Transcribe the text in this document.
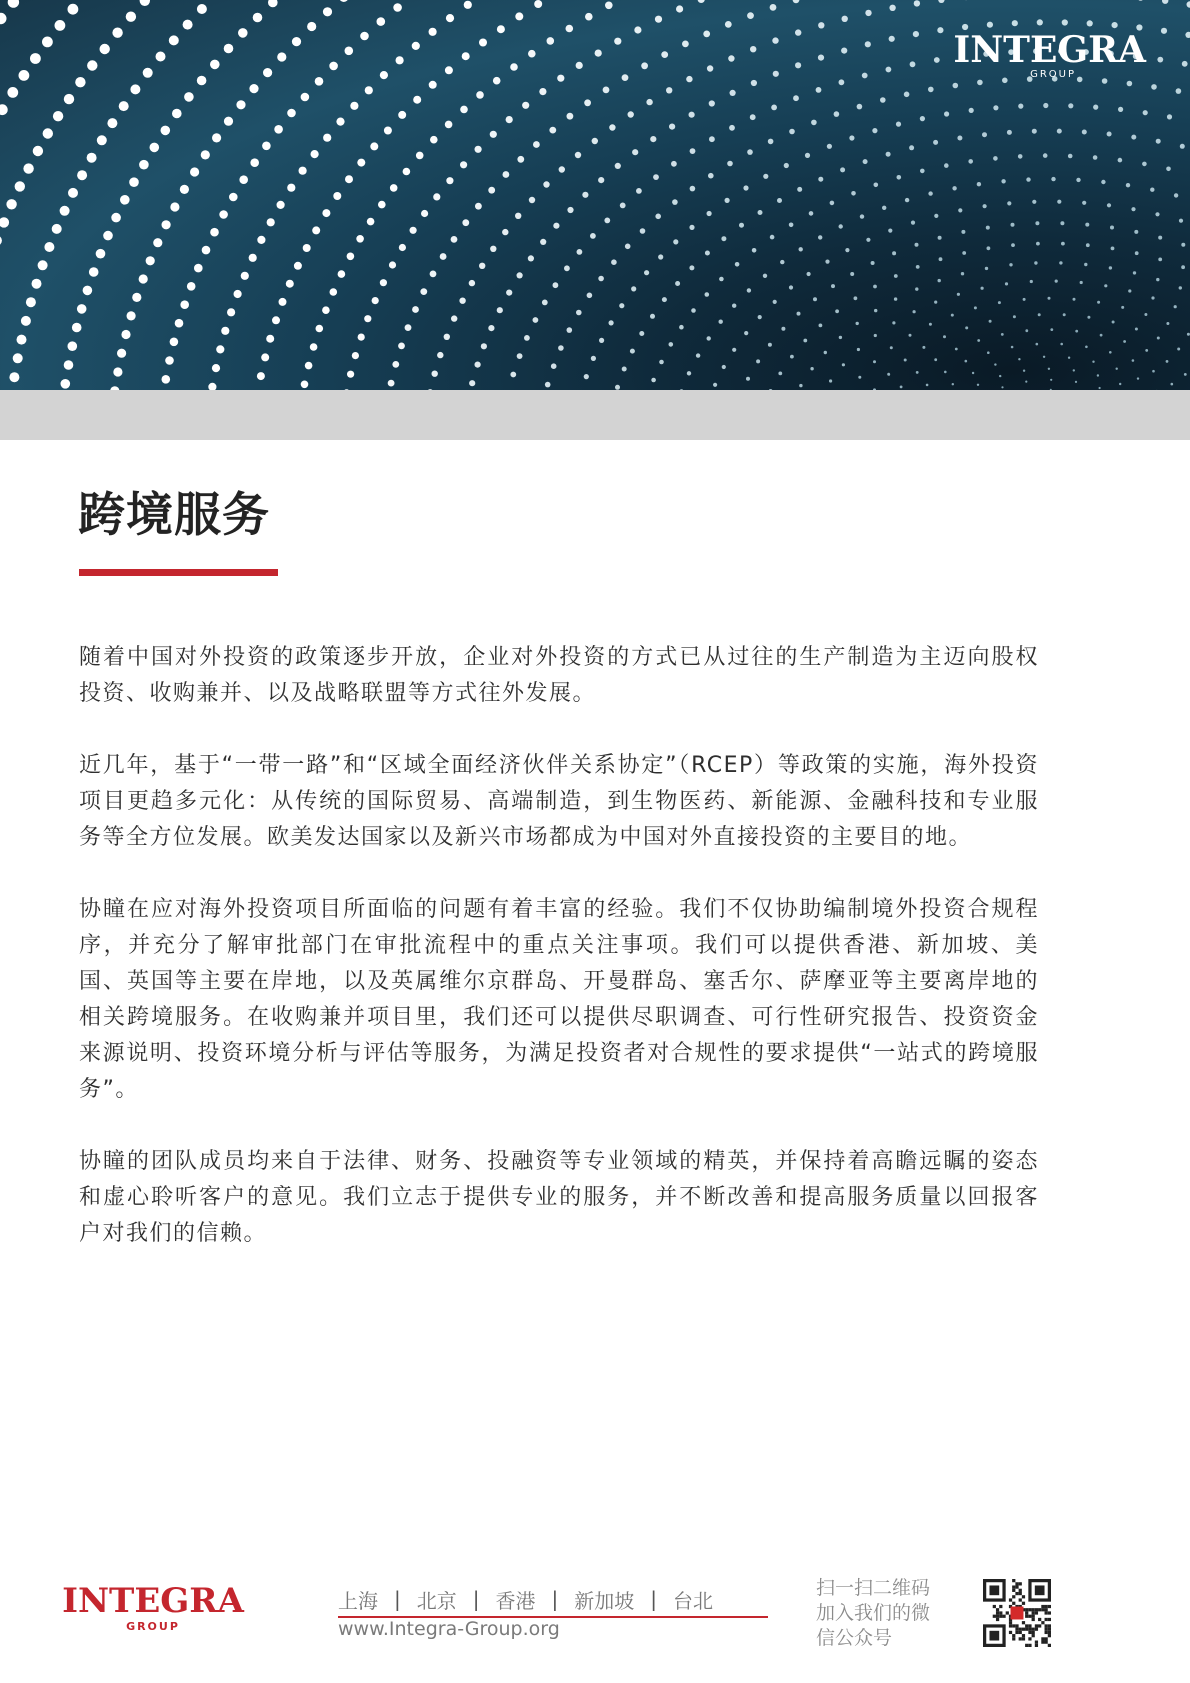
INTEGRA
GROUP
跨境服务

随着中国对外投资的政策逐步开放，企业对外投资的方式已从过往的生产制造为主迈向股权投资、收购兼并、以及战略联盟等方式往外发展。

近几年，基于“一带一路”和“区域全面经济伙伴关系协定”（RCEP）等政策的实施，海外投资项目更趋多元化：从传统的国际贸易、高端制造，到生物医药、新能源、金融科技和专业服务等全方位发展。欧美发达国家以及新兴市场都成为中国对外直接投资的主要目的地。

协瞳在应对海外投资项目所面临的问题有着丰富的经验。我们不仅协助编制境外投资合规程序，并充分了解审批部门在审批流程中的重点关注事项。我们可以提供香港、新加坡、美国、英国等主要在岸地，以及英属维尔京群岛、开曼群岛、塞舌尔、萨摩亚等主要离岸地的相关跨境服务。在收购兼并项目里，我们还可以提供尽职调查、可行性研究报告、投资资金来源说明、投资环境分析与评估等服务，为满足投资者对合规性的要求提供“一站式的跨境服务”。

协瞳的团队成员均来自于法律、财务、投融资等专业领域的精英，并保持着高瞻远瞩的姿态和虚心聆听客户的意见。我们立志于提供专业的服务，并不断改善和提高服务质量以回报客户对我们的信赖。

INTEGRA
GROUP
上海 | 北京 | 香港 | 新加坡 | 台北
www.Integra-Group.org
扫一扫二维码
加入我们的微
信公众号
